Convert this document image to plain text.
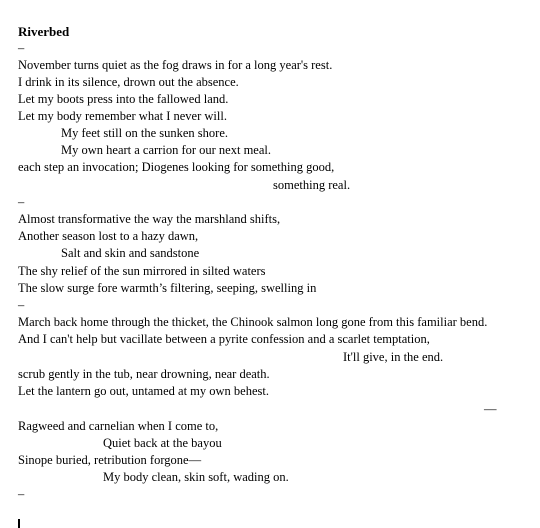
Riverbed
–
November turns quiet as the fog draws in for a long year's rest.
I drink in its silence, drown out the absence.
Let my boots press into the fallowed land.
Let my body remember what I never will.
My feet still on the sunken shore.
My own heart a carrion for our next meal.
each step an invocation; Diogenes looking for something good,
something real.
–
Almost transformative the way the marshland shifts,
Another season lost to a hazy dawn,
Salt and skin and sandstone
The shy relief of the sun mirrored in silted waters
The slow surge fore warmth’s filtering, seeping, swelling in
–
March back home through the thicket, the Chinook salmon long gone from this familiar bend.
And I can't help but vacillate between a pyrite confession and a scarlet temptation,
It'll give, in the end.
scrub gently in the tub, near drowning, near death.
Let the lantern go out, untamed at my own behest.
—
Ragweed and carnelian when I come to,
Quiet back at the bayou
Sinope buried, retribution forgone—
My body clean, skin soft, wading on.
–
